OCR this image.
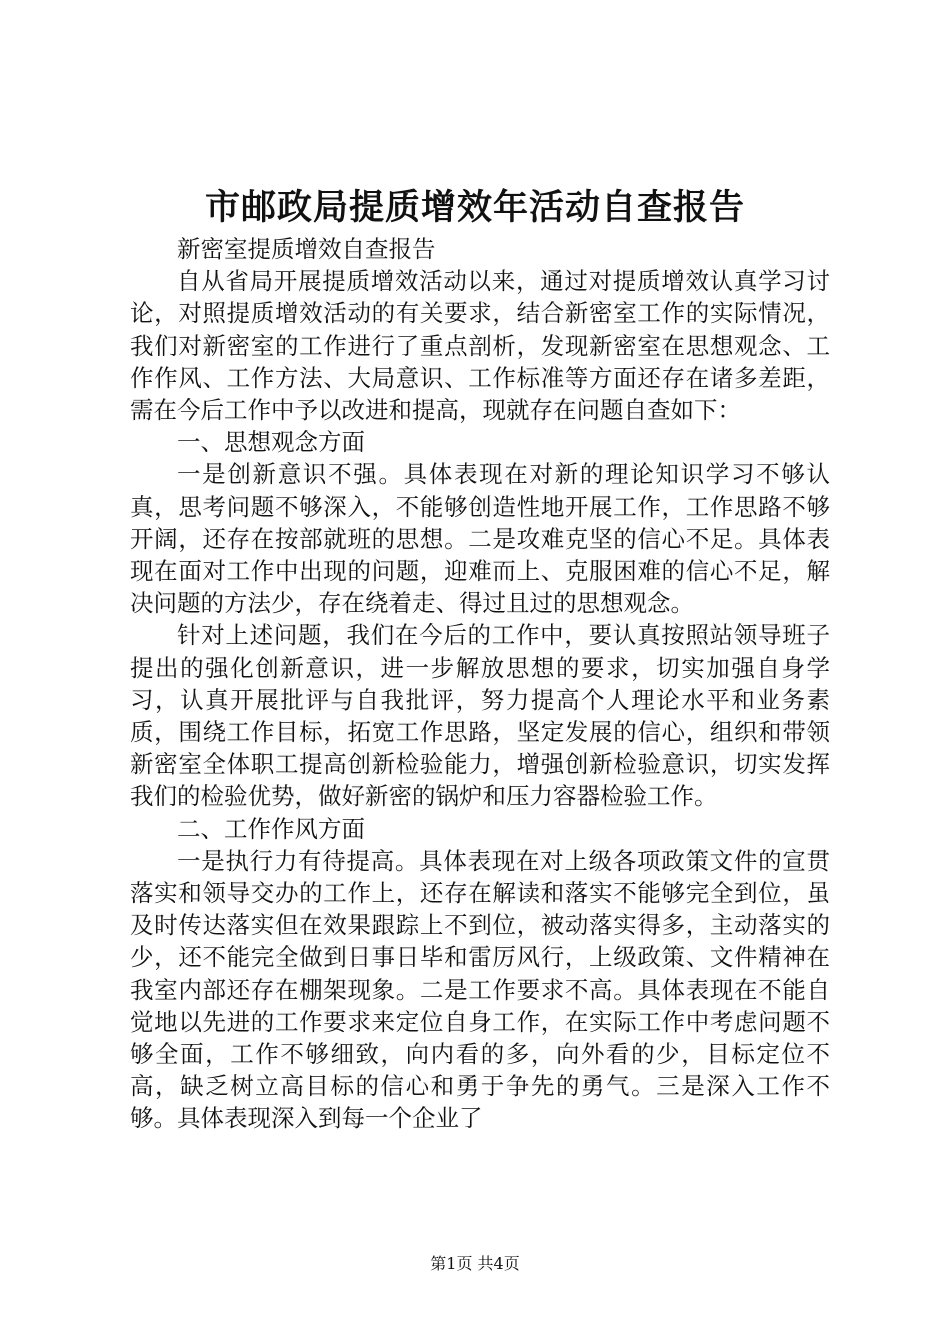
市邮政局提质增效年活动自查报告

新密室提质增效自查报告

自从省局开展提质增效活动以来，通过对提质增效认真学习讨论，对照提质增效活动的有关要求，结合新密室工作的实际情况，我们对新密室的工作进行了重点剖析，发现新密室在思想观念、工作作风、工作方法、大局意识、工作标准等方面还存在诸多差距，需在今后工作中予以改进和提高，现就存在问题自查如下：

一、思想观念方面

一是创新意识不强。具体表现在对新的理论知识学习不够认真，思考问题不够深入，不能够创造性地开展工作，工作思路不够开阔，还存在按部就班的思想。二是攻难克坚的信心不足。具体表现在面对工作中出现的问题，迎难而上、克服困难的信心不足，解决问题的方法少，存在绕着走、得过且过的思想观念。

针对上述问题，我们在今后的工作中，要认真按照站领导班子提出的强化创新意识，进一步解放思想的要求，切实加强自身学习，认真开展批评与自我批评，努力提高个人理论水平和业务素质，围绕工作目标，拓宽工作思路，坚定发展的信心，组织和带领新密室全体职工提高创新检验能力，增强创新检验意识，切实发挥我们的检验优势，做好新密的锅炉和压力容器检验工作。

二、工作作风方面

一是执行力有待提高。具体表现在对上级各项政策文件的宣贯落实和领导交办的工作上，还存在解读和落实不能够完全到位，虽及时传达落实但在效果跟踪上不到位，被动落实得多，主动落实的少，还不能完全做到日事日毕和雷厉风行，上级政策、文件精神在我室内部还存在棚架现象。二是工作要求不高。具体表现在不能自觉地以先进的工作要求来定位自身工作，在实际工作中考虑问题不够全面，工作不够细致，向内看的多，向外看的少，目标定位不高，缺乏树立高目标的信心和勇于争先的勇气。三是深入工作不够。具体表现深入到每一个企业了

第1页 共4页
